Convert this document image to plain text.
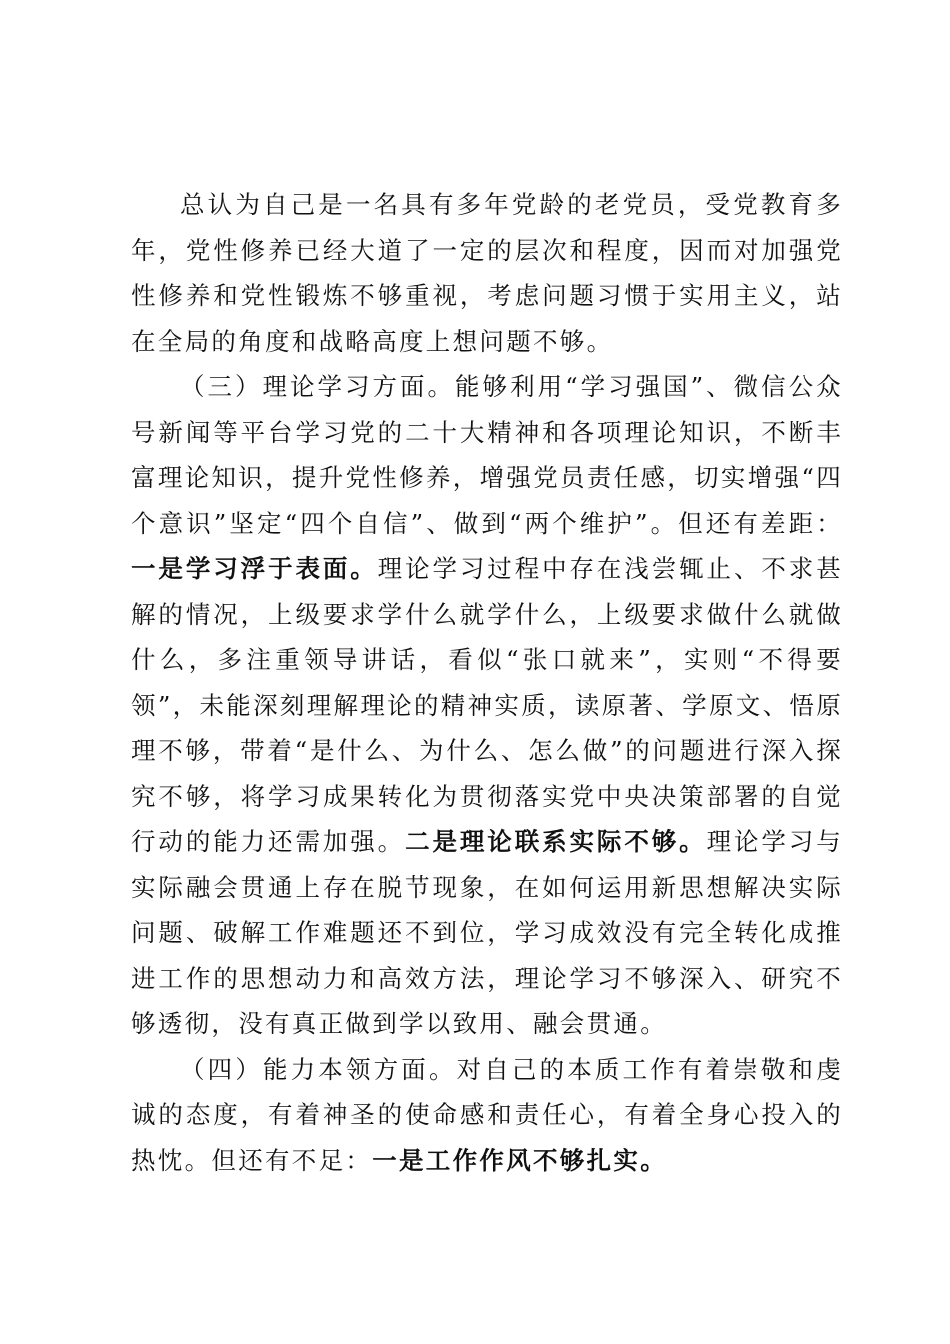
总认为自己是一名具有多年党龄的老党员，受党教育多年，党性修养已经大道了一定的层次和程度，因而对加强党性修养和党性锻炼不够重视，考虑问题习惯于实用主义，站在全局的角度和战略高度上想问题不够。

（三）理论学习方面。能够利用“学习强国”、微信公众号新闻等平台学习党的二十大精神和各项理论知识，不断丰富理论知识，提升党性修养，增强党员责任感，切实增强“四个意识”坚定“四个自信”、做到“两个维护”。但还有差距：一是学习浮于表面。理论学习过程中存在浅尝辄止、不求甚解的情况，上级要求学什么就学什么，上级要求做什么就做什么，多注重领导讲话，看似“张口就来”，实则“不得要领”，未能深刻理解理论的精神实质，读原著、学原文、悟原理不够，带着“是什么、为什么、怎么做”的问题进行深入探究不够，将学习成果转化为贯彻落实党中央决策部署的自觉行动的能力还需加强。二是理论联系实际不够。理论学习与实际融会贯通上存在脱节现象，在如何运用新思想解决实际问题、破解工作难题还不到位，学习成效没有完全转化成推进工作的思想动力和高效方法，理论学习不够深入、研究不够透彻，没有真正做到学以致用、融会贯通。

（四）能力本领方面。对自己的本质工作有着崇敬和虔诚的态度，有着神圣的使命感和责任心，有着全身心投入的热忱。但还有不足：一是工作作风不够扎实。
